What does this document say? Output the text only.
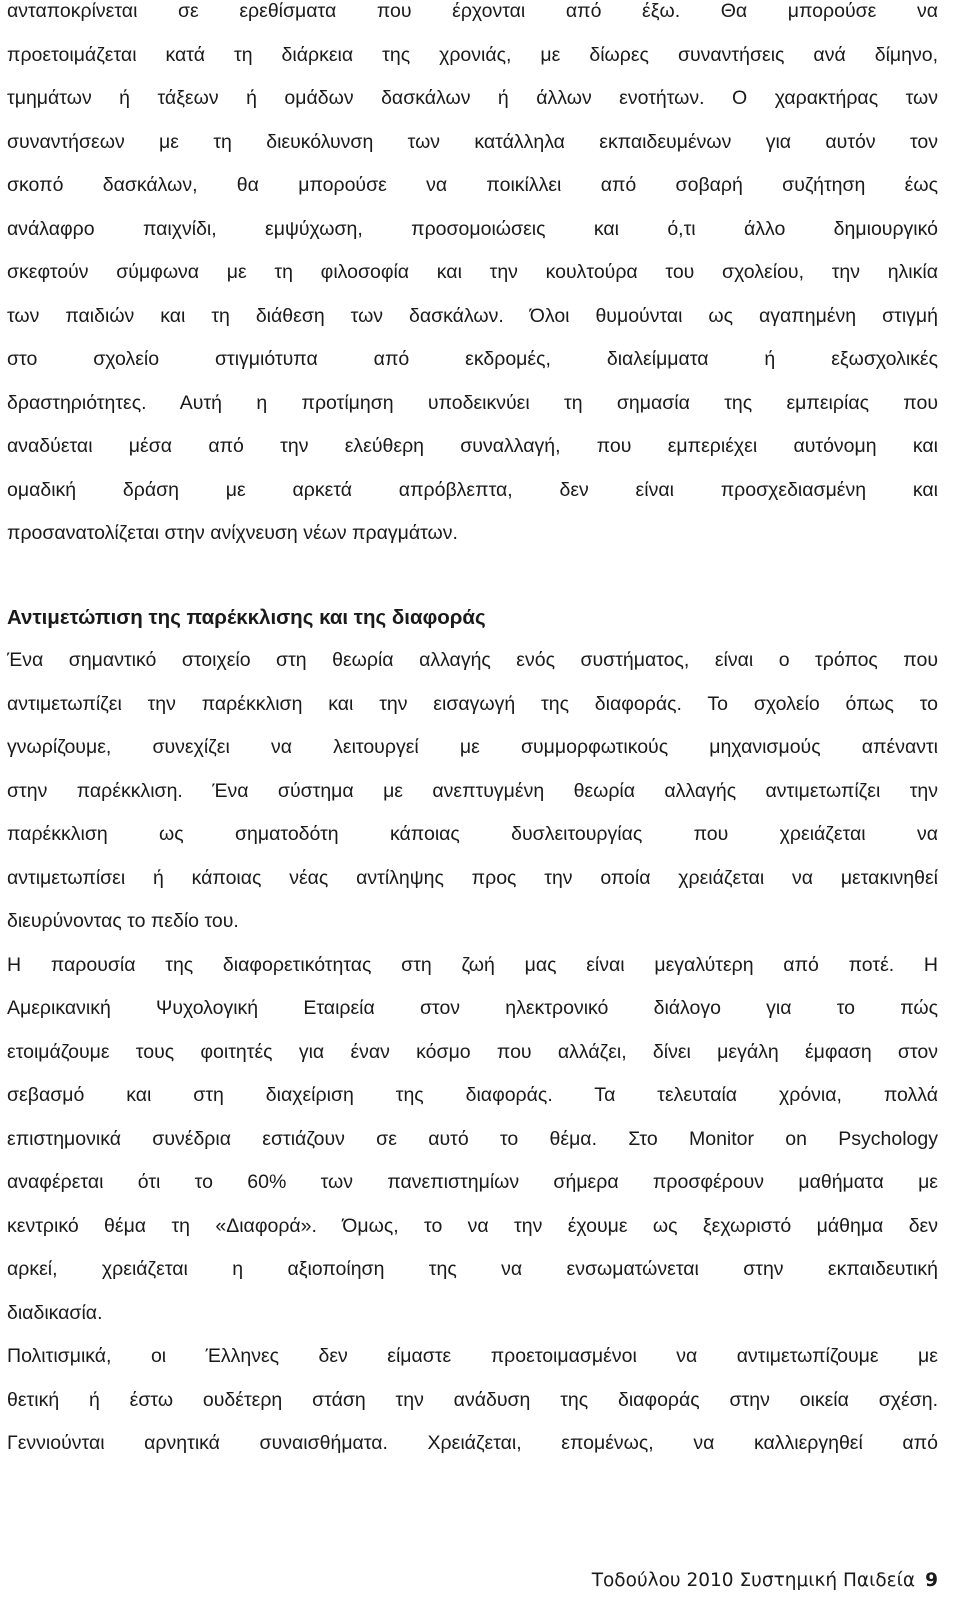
ανταποκρίνεται σε ερεθίσματα που έρχονται από έξω. Θα μπορούσε να
προετοιμάζεται κατά τη διάρκεια της χρονιάς, με δίωρες συναντήσεις ανά δίμηνο,
τμημάτων ή τάξεων ή ομάδων δασκάλων ή άλλων ενοτήτων. Ο χαρακτήρας των
συναντήσεων με τη διευκόλυνση των κατάλληλα εκπαιδευμένων για αυτόν τον
σκοπό δασκάλων, θα μπορούσε να ποικίλλει από σοβαρή συζήτηση έως
ανάλαφρο παιχνίδι, εμψύχωση, προσομοιώσεις και ό,τι άλλο δημιουργικό
σκεφτούν σύμφωνα με τη φιλοσοφία και την κουλτούρα του σχολείου, την ηλικία
των παιδιών και τη διάθεση των δασκάλων. Όλοι θυμούνται ως αγαπημένη στιγμή
στο σχολείο στιγμιότυπα από εκδρομές, διαλείμματα ή εξωσχολικές
δραστηριότητες. Αυτή η προτίμηση υποδεικνύει τη σημασία της εμπειρίας που
αναδύεται μέσα από την ελεύθερη συναλλαγή, που εμπεριέχει αυτόνομη και
ομαδική δράση με αρκετά απρόβλεπτα, δεν είναι προσχεδιασμένη και
προσανατολίζεται στην ανίχνευση νέων πραγμάτων.
Αντιμετώπιση της παρέκκλισης και της διαφοράς
Ένα σημαντικό στοιχείο στη θεωρία αλλαγής ενός συστήματος, είναι ο τρόπος που
αντιμετωπίζει την παρέκκλιση και την εισαγωγή της διαφοράς. Το σχολείο όπως το
γνωρίζουμε, συνεχίζει να λειτουργεί με συμμορφωτικούς μηχανισμούς απέναντι
στην παρέκκλιση. Ένα σύστημα με ανεπτυγμένη θεωρία αλλαγής αντιμετωπίζει την
παρέκκλιση ως σηματοδότη κάποιας δυσλειτουργίας που χρειάζεται να
αντιμετωπίσει ή κάποιας νέας αντίληψης προς την οποία χρειάζεται να μετακινηθεί
διευρύνοντας το πεδίο του.
Η παρουσία της διαφορετικότητας στη ζωή μας είναι μεγαλύτερη από ποτέ. Η
Αμερικανική Ψυχολογική Εταιρεία στον ηλεκτρονικό διάλογο για το πώς
ετοιμάζουμε τους φοιτητές για έναν κόσμο που αλλάζει, δίνει μεγάλη έμφαση στον
σεβασμό και στη διαχείριση της διαφοράς. Τα τελευταία χρόνια, πολλά
επιστημονικά συνέδρια εστιάζουν σε αυτό το θέμα. Στο Monitor on Psychology
αναφέρεται ότι το 60% των πανεπιστημίων σήμερα προσφέρουν μαθήματα με
κεντρικό θέμα τη «Διαφορά». Όμως, το να την έχουμε ως ξεχωριστό μάθημα δεν
αρκεί, χρειάζεται η αξιοποίηση της να ενσωματώνεται στην εκπαιδευτική
διαδικασία.
Πολιτισμικά, οι Έλληνες δεν είμαστε προετοιμασμένοι να αντιμετωπίζουμε με
θετική ή έστω ουδέτερη στάση την ανάδυση της διαφοράς στην οικεία σχέση.
Γεννιούνται αρνητικά συναισθήματα. Χρειάζεται, επομένως, να καλλιεργηθεί από
Τοδούλου 2010 Συστημική Παιδεία 9
